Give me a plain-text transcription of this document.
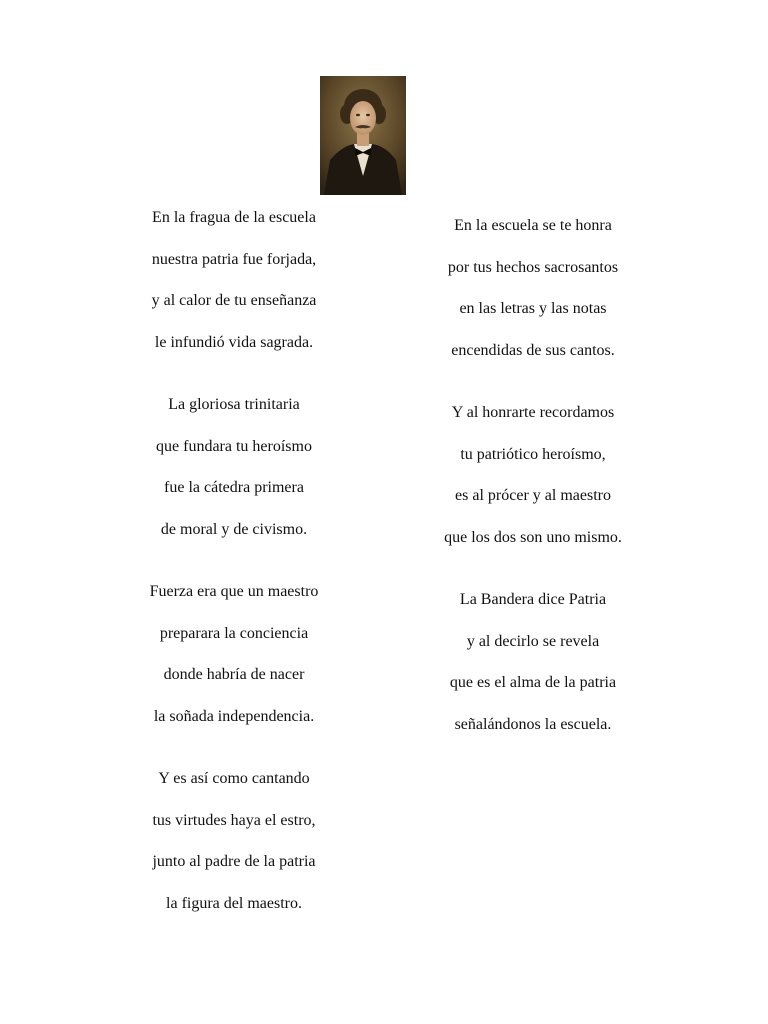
En la fragua de la escuela
nuestra patria fue forjada,
y al calor de tu enseñanza
le infundió vida sagrada.
La gloriosa trinitaria
que fundara tu heroísmo
fue la cátedra primera
de moral y de civismo.
Fuerza era que un maestro
preparara la conciencia
donde habría de nacer
la soñada independencia.
Y es así como cantando
tus virtudes haya el estro,
junto al padre de la patria
la figura del maestro.
En la escuela se te honra
por tus hechos sacrosantos
en las letras y las notas
encendidas de sus cantos.
Y al honrarte recordamos
tu patriótico heroísmo,
es al prócer y al maestro
que los dos son uno mismo.
La Bandera dice Patria
y al decirlo se revela
que es el alma de la patria
señalándonos la escuela.
